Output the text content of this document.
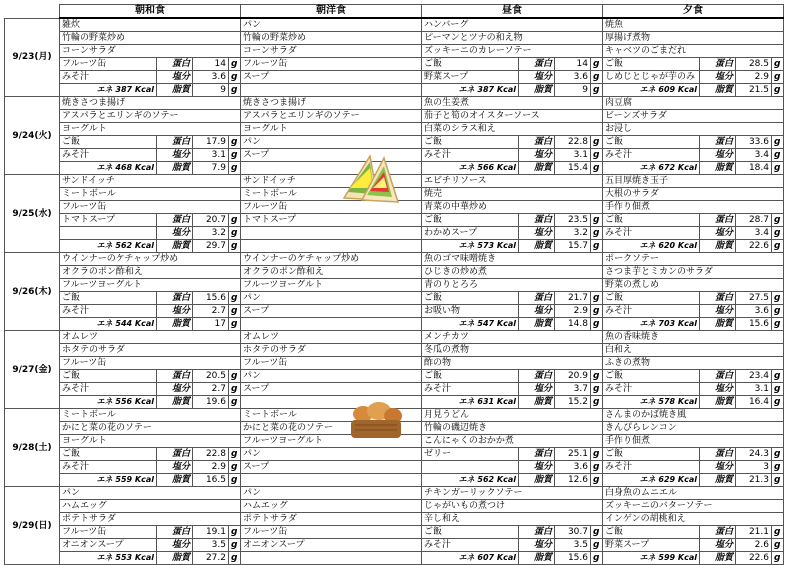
	朝和食				朝洋食	昼食				夕食			
9/23(月)	雑炊				パン	ハンバーグ				焼魚			
	竹輪の野菜炒め				竹輪の野菜炒め	ピーマンとツナの和え物				厚揚げ煮物			
	コーンサラダ				コーンサラダ	ズッキーニのカレーソテー				キャベツのごまだれ			
	フルーツ缶	蛋白	14	g	フルーツ缶	ご飯	蛋白	14	g	ご飯	蛋白	28.5	g
	みそ汁	塩分	3.6	g	スープ	野菜スープ	塩分	3.6	g	しめじとじゃが芋のみ	塩分	2.9	g
	エネ 387 Kcal	脂質	9	g		エネ 387 Kcal	脂質	9	g	エネ 609 Kcal	脂質	21.5	g
9/24(火)	焼きさつま揚げ				焼きさつま揚げ	魚の生姜煮				肉豆腐			
	アスパラとエリンギのソテー				アスパラとエリンギのソテー	茄子と筍のオイスターソース				ビーンズサラダ			
	ヨーグルト				ヨーグルト	白菜のシラス和え				お浸し			
	ご飯	蛋白	17.9	g	パン	ご飯	蛋白	22.8	g	ご飯	蛋白	33.6	g
	みそ汁	塩分	3.1	g	スープ	みそ汁	塩分	3.1	g	みそ汁	塩分	3.4	g
	エネ 468 Kcal	脂質	7.9	g		エネ 566 Kcal	脂質	15.4	g	エネ 672 Kcal	脂質	18.4	g
9/25(水)	サンドイッチ				サンドイッチ	エビチリソース				五目厚焼き玉子			
	ミートボール				ミートボール	焼売				大根のサラダ			
	フルーツ缶				フルーツ缶	青菜の中華炒め				手作り佃煮			
	トマトスープ	蛋白	20.7	g	トマトスープ	ご飯	蛋白	23.5	g	ご飯	蛋白	28.7	g
		塩分	3.2	g		わかめスープ	塩分	3.2	g	みそ汁	塩分	3.4	g
	エネ 562 Kcal	脂質	29.7	g		エネ 573 Kcal	脂質	15.7	g	エネ 620 Kcal	脂質	22.6	g
9/26(木)	ウインナーのケチャップ炒め				ウインナーのケチャップ炒め	魚のゴマ味噌焼き				ポークソテー			
	オクラのポン酢和え				オクラのポン酢和え	ひじきの炒め煮				さつま芋とミカンのサラダ			
	フルーツヨーグルト				フルーツヨーグルト	青のりとろろ				野菜の煮しめ			
	ご飯	蛋白	15.6	g	パン	ご飯	蛋白	21.7	g	ご飯	蛋白	27.5	g
	みそ汁	塩分	2.7	g	スープ	お吸い物	塩分	2.9	g	みそ汁	塩分	3.6	g
	エネ 544 Kcal	脂質	17	g		エネ 547 Kcal	脂質	14.8	g	エネ 703 Kcal	脂質	15.6	g
9/27(金)	オムレツ				オムレツ	メンチカツ				魚の香味焼き			
	ホタテのサラダ				ホタテのサラダ	冬瓜の煮物				白和え			
	フルーツ缶				フルーツ缶	酢の物				ふきの煮物			
	ご飯	蛋白	20.5	g	パン	ご飯	蛋白	20.9	g	ご飯	蛋白	23.4	g
	みそ汁	塩分	2.7	g	スープ	みそ汁	塩分	3.7	g	みそ汁	塩分	3.1	g
	エネ 556 Kcal	脂質	19.6	g		エネ 631 Kcal	脂質	15.2	g	エネ 578 Kcal	脂質	16.4	g
9/28(土)	ミートボール				ミートボール	月見うどん				さんまのかば焼き風			
	かにと菜の花のソテー				かにと菜の花のソテー	竹輪の磯辺焼き				きんぴらレンコン			
	ヨーグルト				フルーツヨーグルト	こんにゃくのおかか煮				手作り佃煮			
	ご飯	蛋白	22.8	g	パン	ゼリー	蛋白	25.1	g	ご飯	蛋白	24.3	g
	みそ汁	塩分	2.9	g	スープ		塩分	3.6	g	みそ汁	塩分	3	g
	エネ 559 Kcal	脂質	16.5	g		エネ 562 Kcal	脂質	12.6	g	エネ 629 Kcal	脂質	21.3	g
9/29(日)	パン				パン	チキンガーリックソテー				白身魚のムニエル			
	ハムエッグ				ハムエッグ	じゃがいもの煮つけ				ズッキーニのバターソテー			
	ポテトサラダ				ポテトサラダ	辛し和え				インゲンの胡桃和え			
	フルーツ缶	蛋白	19.1	g	フルーツ缶	ご飯	蛋白	30.7	g	ご飯	蛋白	21.1	g
	オニオンスープ	塩分	3.5	g	オニオンスープ	みそ汁	塩分	3.5	g	野菜スープ	塩分	2.6	g
	エネ 553 Kcal	脂質	27.2	g		エネ 607 Kcal	脂質	15.6	g	エネ 599 Kcal	脂質	22.6	g
